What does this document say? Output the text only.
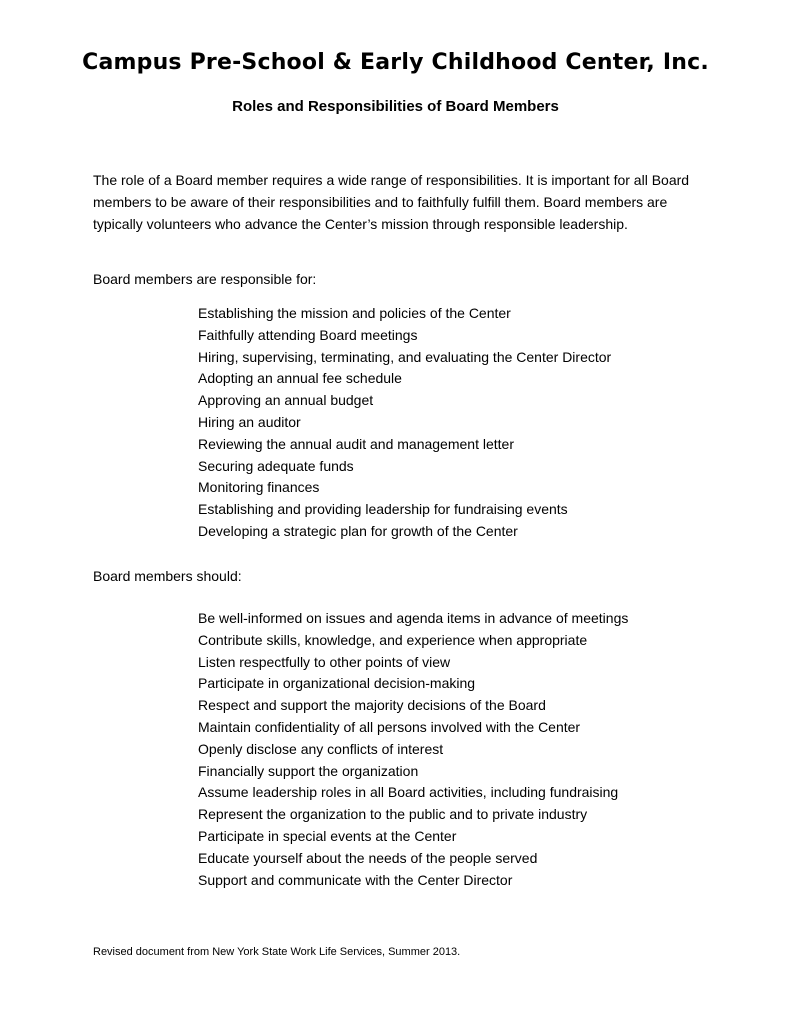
Campus Pre-School & Early Childhood Center, Inc.
Roles and Responsibilities of Board Members

The role of a Board member requires a wide range of responsibilities. It is important for all Board members to be aware of their responsibilities and to faithfully fulfill them. Board members are typically volunteers who advance the Center’s mission through responsible leadership.

Board members are responsible for:

Establishing the mission and policies of the Center
Faithfully attending Board meetings
Hiring, supervising, terminating, and evaluating the Center Director
Adopting an annual fee schedule
Approving an annual budget
Hiring an auditor
Reviewing the annual audit and management letter
Securing adequate funds
Monitoring finances
Establishing and providing leadership for fundraising events
Developing a strategic plan for growth of the Center

Board members should:

Be well-informed on issues and agenda items in advance of meetings
Contribute skills, knowledge, and experience when appropriate
Listen respectfully to other points of view
Participate in organizational decision-making
Respect and support the majority decisions of the Board
Maintain confidentiality of all persons involved with the Center
Openly disclose any conflicts of interest
Financially support the organization
Assume leadership roles in all Board activities, including fundraising
Represent the organization to the public and to private industry
Participate in special events at the Center
Educate yourself about the needs of the people served
Support and communicate with the Center Director

Revised document from New York State Work Life Services, Summer 2013.
